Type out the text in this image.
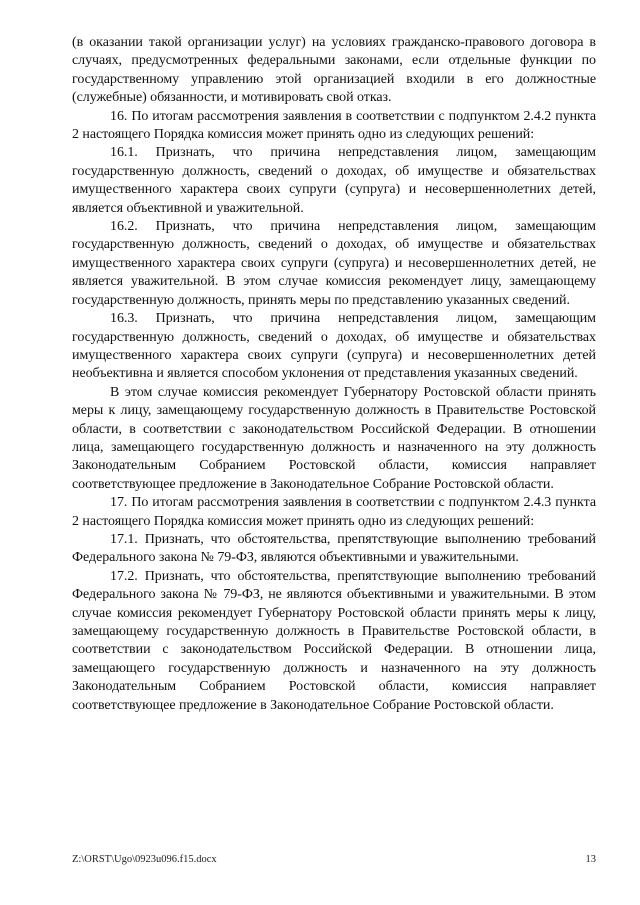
(в оказании такой организации услуг) на условиях гражданско-правового договора в случаях, предусмотренных федеральными законами, если отдельные функции по государственному управлению этой организацией входили в его должностные (служебные) обязанности, и мотивировать свой отказ.

16. По итогам рассмотрения заявления в соответствии с подпунктом 2.4.2 пункта 2 настоящего Порядка комиссия может принять одно из следующих решений:

16.1. Признать, что причина непредставления лицом, замещающим государственную должность, сведений о доходах, об имуществе и обязательствах имущественного характера своих супруги (супруга) и несовершеннолетних детей, является объективной и уважительной.

16.2. Признать, что причина непредставления лицом, замещающим государственную должность, сведений о доходах, об имуществе и обязательствах имущественного характера своих супруги (супруга) и несовершеннолетних детей, не является уважительной. В этом случае комиссия рекомендует лицу, замещающему государственную должность, принять меры по представлению указанных сведений.

16.3. Признать, что причина непредставления лицом, замещающим государственную должность, сведений о доходах, об имуществе и обязательствах имущественного характера своих супруги (супруга) и несовершеннолетних детей необъективна и является способом уклонения от представления указанных сведений.

В этом случае комиссия рекомендует Губернатору Ростовской области принять меры к лицу, замещающему государственную должность в Правительстве Ростовской области, в соответствии с законодательством Российской Федерации. В отношении лица, замещающего государственную должность и назначенного на эту должность Законодательным Собранием Ростовской области, комиссия направляет соответствующее предложение в Законодательное Собрание Ростовской области.

17. По итогам рассмотрения заявления в соответствии с подпунктом 2.4.3 пункта 2 настоящего Порядка комиссия может принять одно из следующих решений:

17.1. Признать, что обстоятельства, препятствующие выполнению требований Федерального закона № 79-ФЗ, являются объективными и уважительными.

17.2. Признать, что обстоятельства, препятствующие выполнению требований Федерального закона № 79-ФЗ, не являются объективными и уважительными. В этом случае комиссия рекомендует Губернатору Ростовской области принять меры к лицу, замещающему государственную должность в Правительстве Ростовской области, в соответствии с законодательством Российской Федерации. В отношении лица, замещающего государственную должность и назначенного на эту должность Законодательным Собранием Ростовской области, комиссия направляет соответствующее предложение в Законодательное Собрание Ростовской области.

Z:\ORST\Ugo\0923u096.f15.docx	13
